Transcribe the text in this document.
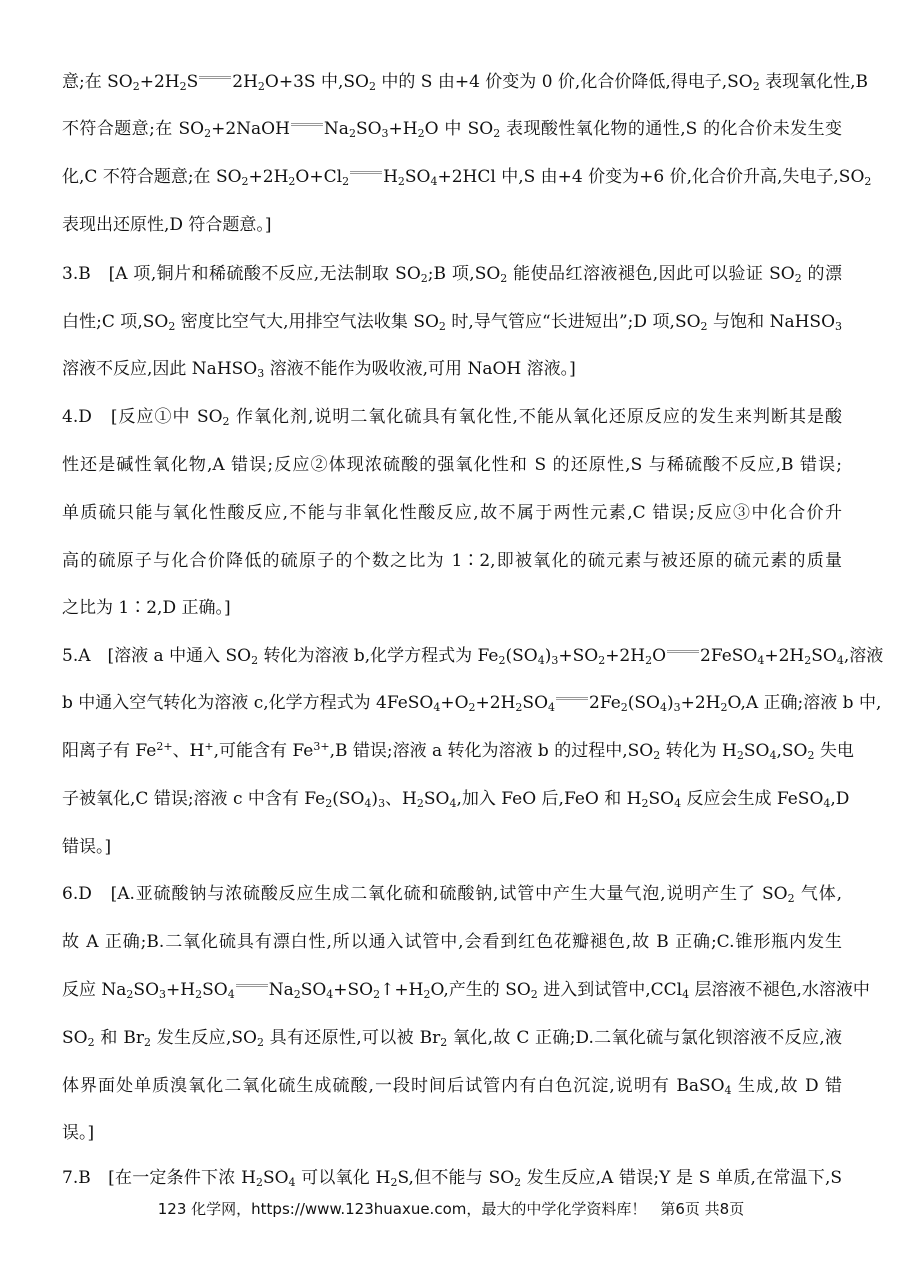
意;在 $SO_2+2H_2S$ $2H_2O+3S$ 中$,SO_2$ 中的 S 由+4 价变为 0 价,化合价降低,得电子$,SO_2$ 表现氧化性,B
不符合题意;在 $SO_2+2NaOH$ $Na_2SO_3+H_2O$ 中 $SO_2$ 表现酸性氧化物的通性,S 的化合价未发生变
化,C 不符合题意;在 $SO_2+2H_2O+Cl_2$ $H_2SO_4+2HCl$ 中,S 由+4 价变为+6 价,化合价升高,失电子$,SO_2$
表现出还原性,D 符合题意。]
3.B　[A 项,铜片和稀硫酸不反应,无法制取 $SO_2;B$ 项$,SO_2$ 能使品红溶液褪色,因此可以验证 $SO_2$ 的漂
白性;C 项$,SO_2$ 密度比空气大,用排空气法收集 $SO_2$ 时,导气管应“长进短出”;D 项$,SO_2$ 与饱和 NaHSO$_3$
溶液不反应,因此 NaHSO$_3$ 溶液不能作为吸收液,可用 NaOH 溶液。]
4.D　[反应①中 $SO_2$ 作氧化剂,说明二氧化硫具有氧化性,不能从氧化还原反应的发生来判断其是酸
性还是碱性氧化物,A 错误;反应②体现浓硫酸的强氧化性和 S 的还原性,S 与稀硫酸不反应,B 错误;
单质硫只能与氧化性酸反应,不能与非氧化性酸反应,故不属于两性元素,C 错误;反应③中化合价升
高的硫原子与化合价降低的硫原子的个数之比为 1∶2,即被氧化的硫元素与被还原的硫元素的质量
之比为 1∶2,D 正确。]
5.A　[溶液 a 中通入 $SO_2$ 转化为溶液 b,化学方程式为 $Fe_2(SO_4)_3+SO_2+2H_2O$ $2FeSO_4+2H_2SO_4$,溶液
b 中通入空气转化为溶液 c,化学方程式为 $4FeSO_4+O_2+2H_2SO_4$ $2Fe_2(SO_4)_3+2H_2O,A$ 正确;溶液 b 中,
阳离子有 $Fe^{2+}$、H+,可能含有 $Fe^{3+},B$ 错误;溶液 a 转化为溶液 b 的过程中$,SO_2$ 转化为 $H_2SO_4,SO_2$ 失电
子被氧化,C 错误;溶液 c 中含有 $Fe_2(SO_4)_3$、$H_2SO_4$,加入 FeO 后,FeO 和 $H_2SO_4$ 反应会生成 FeSO$_4$,D
错误。]
6.D　[A.亚硫酸钠与浓硫酸反应生成二氧化硫和硫酸钠,试管中产生大量气泡,说明产生了 $SO_2$ 气体,
故 A 正确;B.二氧化硫具有漂白性,所以通入试管中,会看到红色花瓣褪色,故 B 正确;C.锥形瓶内发生
反应 $Na_2SO_3+H_2SO_4$ $Na_2SO_4+SO_2↑+H_2O$,产生的 $SO_2$ 进入到试管中,CCl$_4$ 层溶液不褪色,水溶液中
$SO_2$ 和 $Br_2$ 发生反应$,SO_2$ 具有还原性,可以被 $Br_2$ 氧化,故 C 正确;D.二氧化硫与氯化钡溶液不反应,液
体界面处单质溴氧化二氧化硫生成硫酸,一段时间后试管内有白色沉淀,说明有 BaSO$_4$ 生成,故 D 错
误。]
7.B　[在一定条件下浓 $H_2SO_4$ 可以氧化 $H_2S$,但不能与 $SO_2$ 发生反应,A 错误;Y 是 S 单质,在常温下,S
123 化学网，https://www.123huaxue.com，最大的中学化学资料库！ 第6页 共8页
